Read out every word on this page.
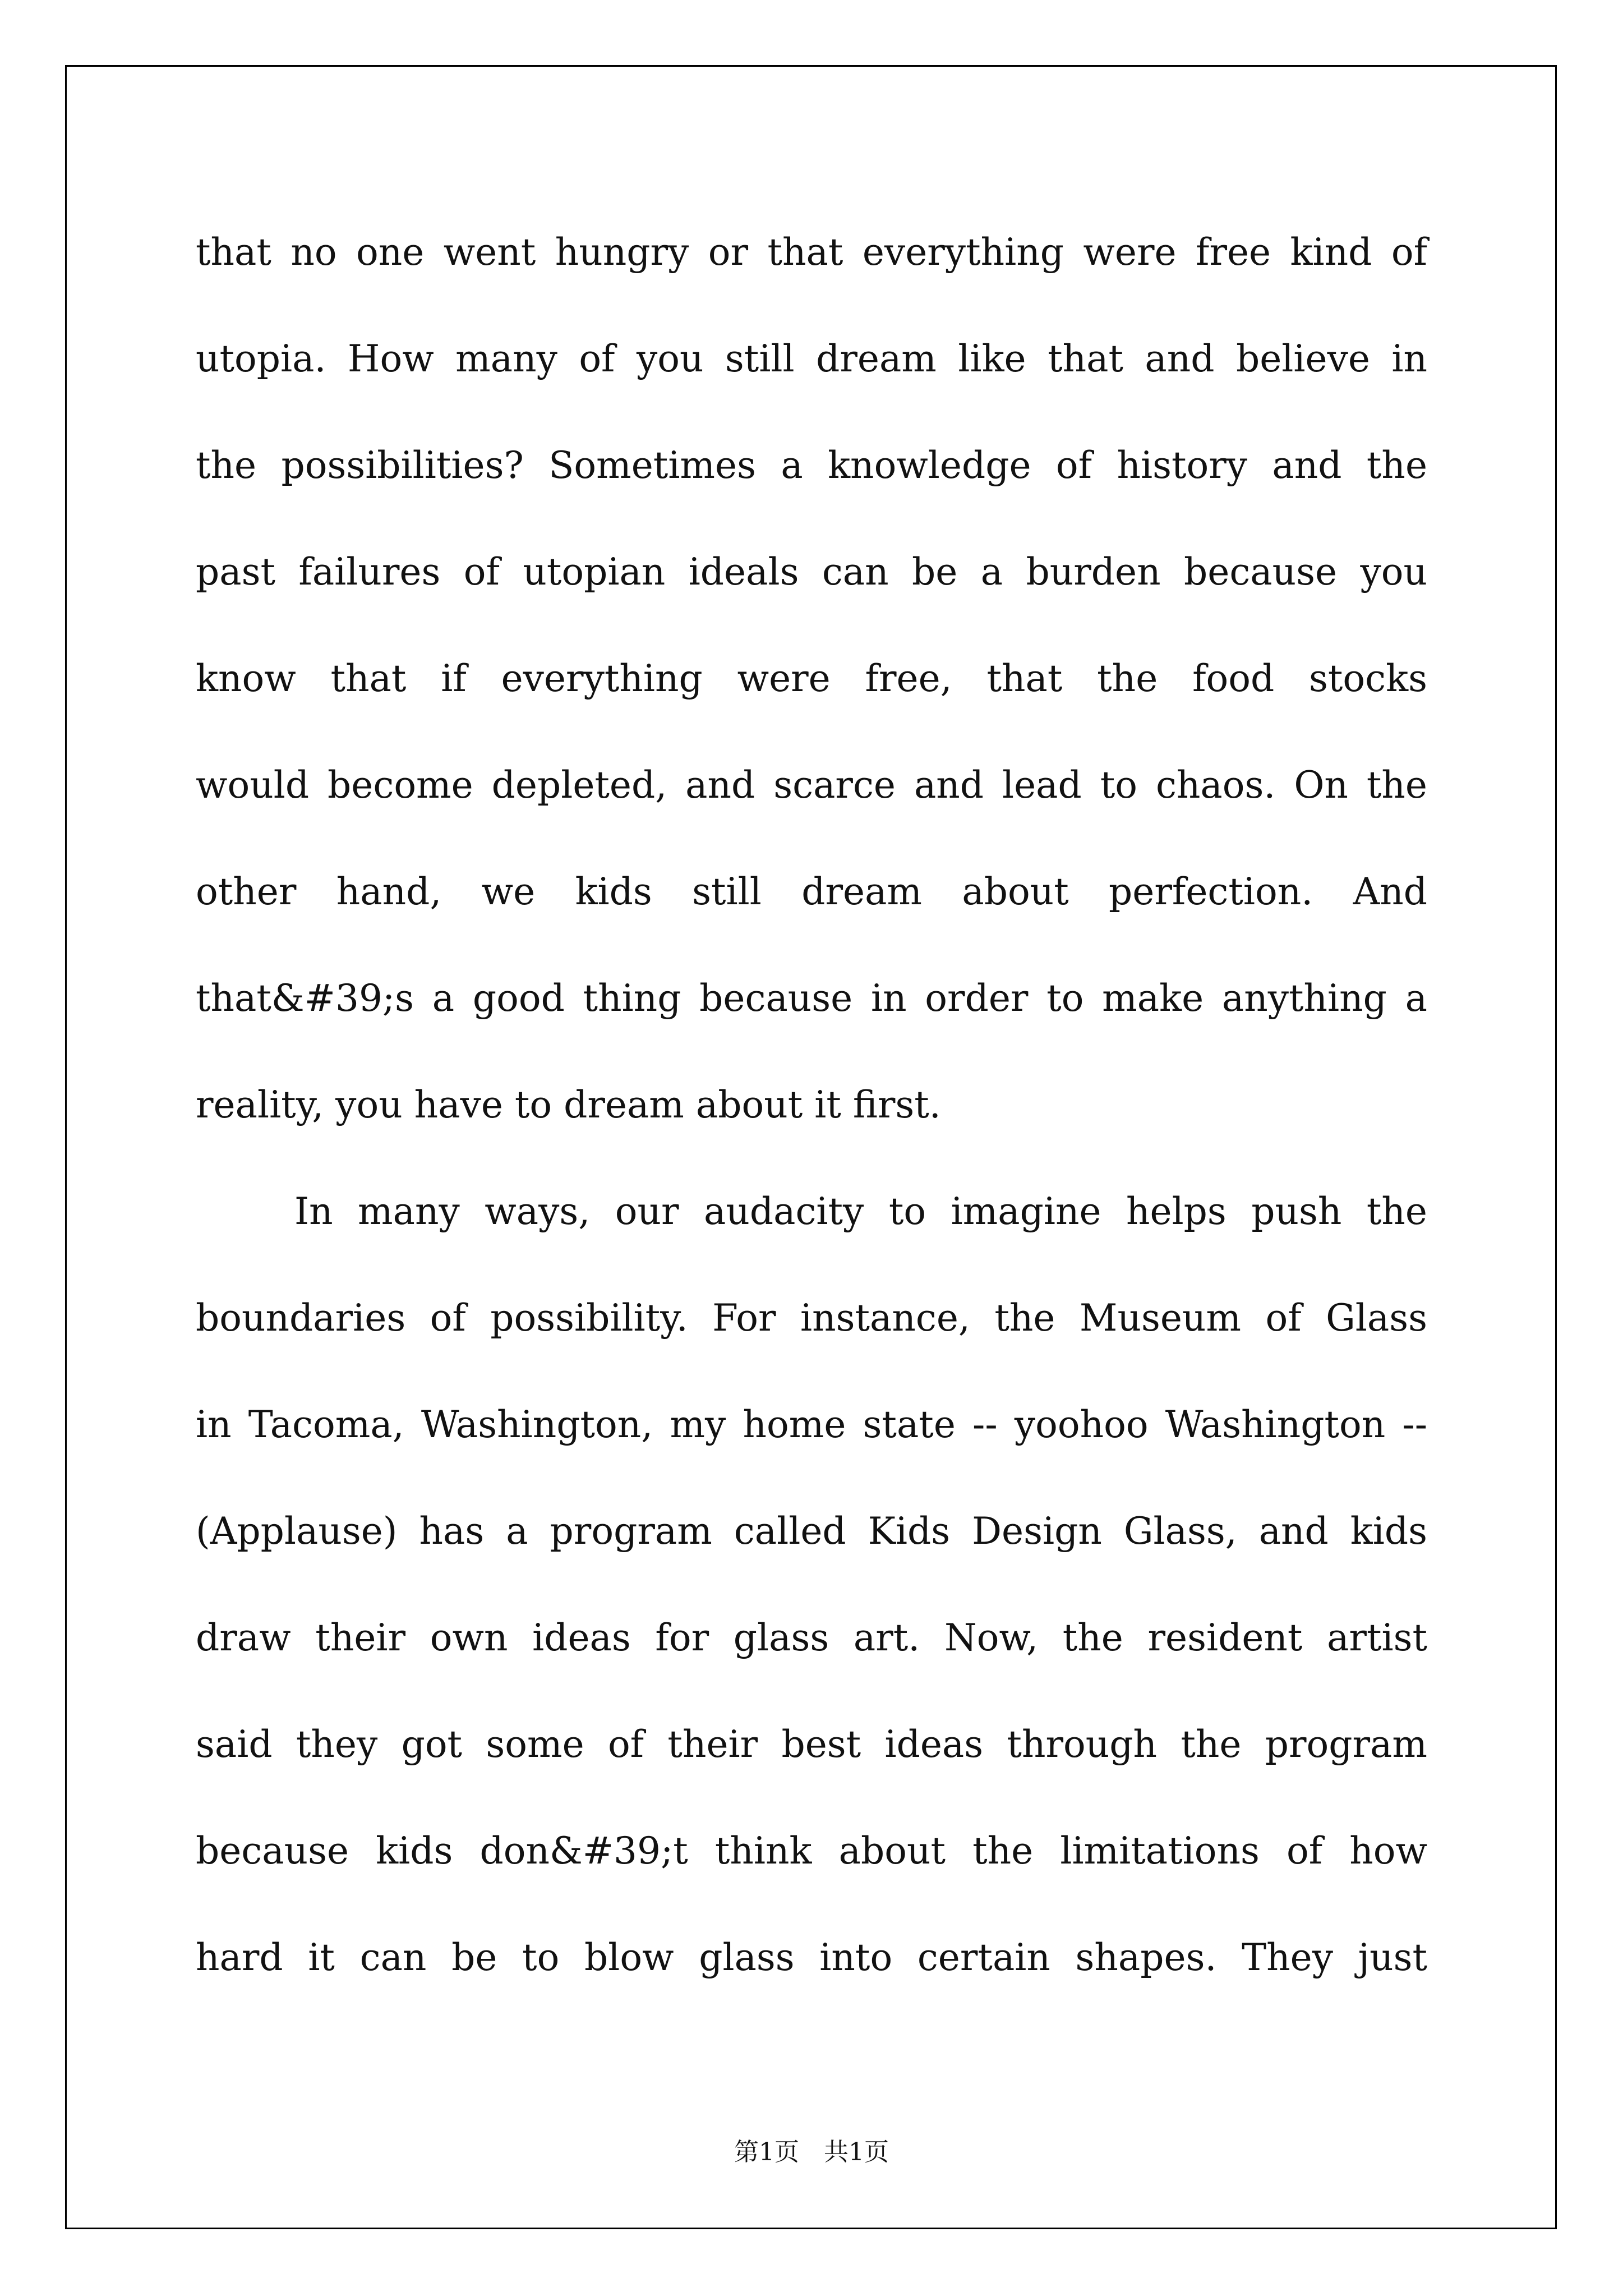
that no one went hungry or that everything were free kind of
utopia. How many of you still dream like that and believe in
the possibilities? Sometimes a knowledge of history and the
past failures of utopian ideals can be a burden because you
know that if everything were free, that the food stocks
would become depleted, and scarce and lead to chaos. On the
other hand, we kids still dream about perfection. And
that&#39;s a good thing because in order to make anything a
reality, you have to dream about it first.
In many ways, our audacity to imagine helps push the
boundaries of possibility. For instance, the Museum of Glass
in Tacoma, Washington, my home state -- yoohoo Washington --
(Applause) has a program called Kids Design Glass, and kids
draw their own ideas for glass art. Now, the resident artist
said they got some of their best ideas through the program
because kids don&#39;t think about the limitations of how
hard it can be to blow glass into certain shapes. They just
第1页　共1页
